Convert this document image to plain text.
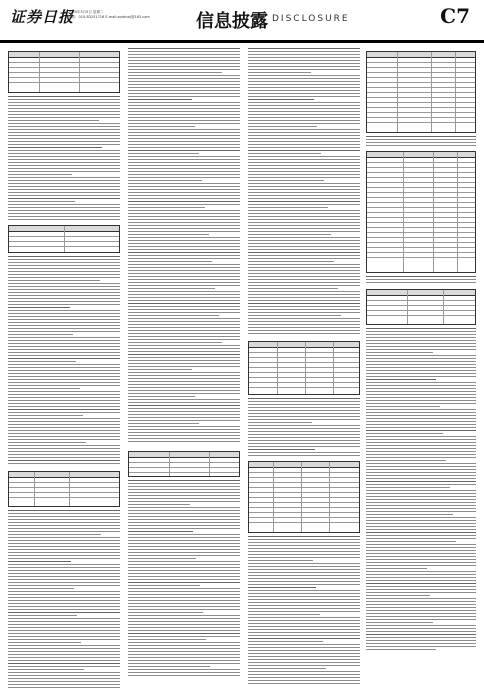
证券日报
2024年3月5日 星期二
电话：010-83251716 E-mail:zqrbcwj@163.com	信息披露 DISCLOSURE	C7
